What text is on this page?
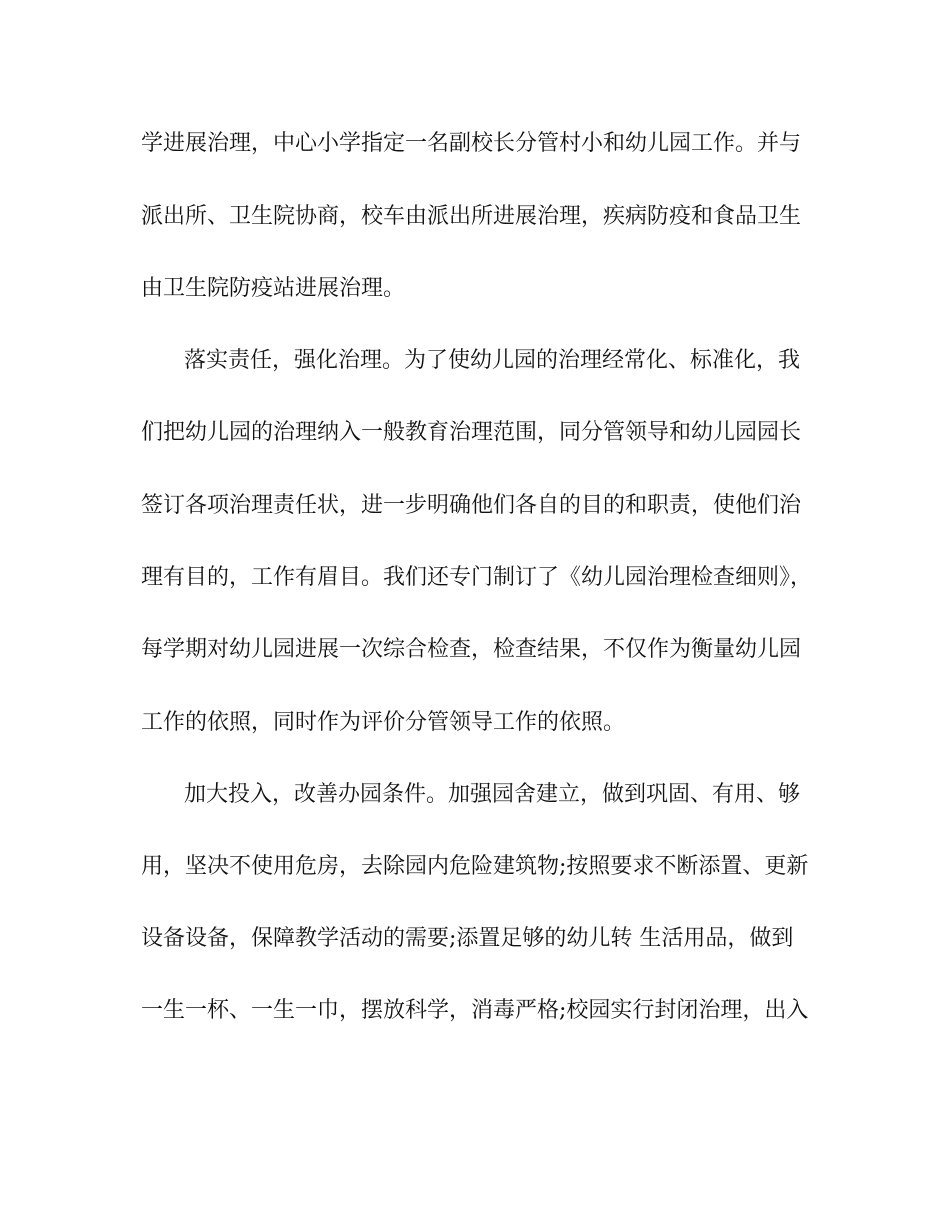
学进展治理，中心小学指定一名副校长分管村小和幼儿园工作。并与
派出所、卫生院协商，校车由派出所进展治理，疾病防疫和食品卫生
由卫生院防疫站进展治理。
落实责任，强化治理。为了使幼儿园的治理经常化、标准化，我
们把幼儿园的治理纳入一般教育治理范围，同分管领导和幼儿园园长
签订各项治理责任状，进一步明确他们各自的目的和职责，使他们治
理有目的，工作有眉目。我们还专门制订了《幼儿园治理检查细则》，
每学期对幼儿园进展一次综合检查，检查结果，不仅作为衡量幼儿园
工作的依照，同时作为评价分管领导工作的依照。
加大投入，改善办园条件。加强园舍建立，做到巩固、有用、够
用，坚决不使用危房，去除园内危险建筑物;按照要求不断添置、更新
设备设备，保障教学活动的需要;添置足够的幼儿转 生活用品，做到
一生一杯、一生一巾，摆放科学，消毒严格;校园实行封闭治理，出入
